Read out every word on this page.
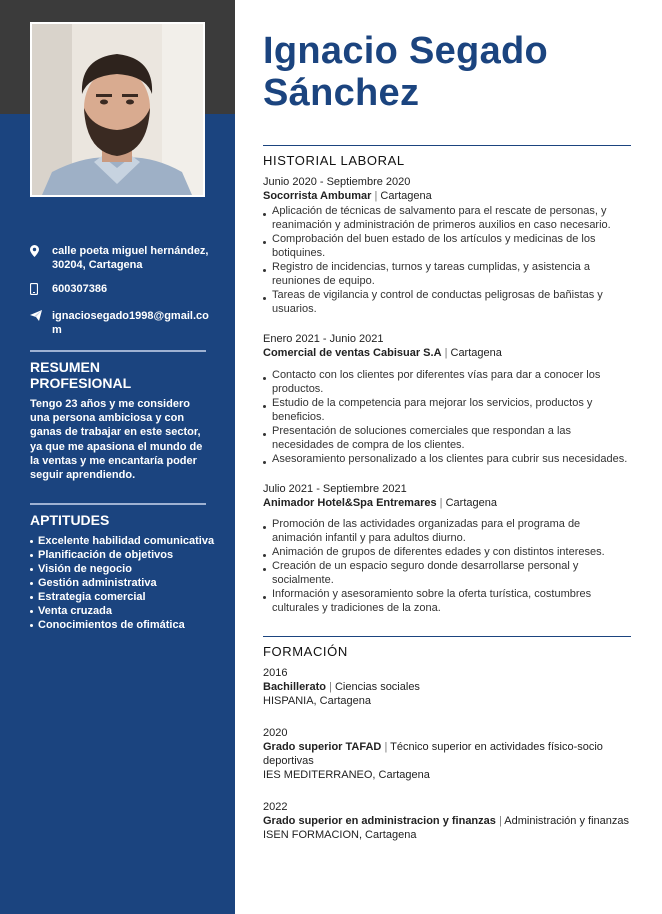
calle poeta miguel hernández, 30204, Cartagena
600307386
ignaciosegado1998@gmail.com
RESUMEN
PROFESIONAL
Tengo 23 años y me considero una persona ambiciosa y con ganas de trabajar en este sector, ya que me apasiona el mundo de la ventas y me encantaría poder seguir aprendiendo.
APTITUDES
Excelente habilidad comunicativa
Planificación de objetivos
Visión de negocio
Gestión administrativa
Estrategia comercial
Venta cruzada
Conocimientos de ofimática
Ignacio Segado
Sánchez
HISTORIAL LABORAL
Junio 2020 - Septiembre 2020
Socorrista Ambumar | Cartagena
Aplicación de técnicas de salvamento para el rescate de personas, y reanimación y administración de primeros auxilios en caso necesario.
Comprobación del buen estado de los artículos y medicinas de los botiquines.
Registro de incidencias, turnos y tareas cumplidas, y asistencia a reuniones de equipo.
Tareas de vigilancia y control de conductas peligrosas de bañistas y usuarios.
Enero 2021 - Junio 2021
Comercial de ventas Cabisuar S.A | Cartagena
Contacto con los clientes por diferentes vías para dar a conocer los productos.
Estudio de la competencia para mejorar los servicios, productos y beneficios.
Presentación de soluciones comerciales que respondan a las necesidades de compra de los clientes.
Asesoramiento personalizado a los clientes para cubrir sus necesidades.
Julio 2021 - Septiembre 2021
Animador Hotel&Spa Entremares | Cartagena
Promoción de las actividades organizadas para el programa de animación infantil y para adultos diurno.
Animación de grupos de diferentes edades y con distintos intereses.
Creación de un espacio seguro donde desarrollarse personal y socialmente.
Información y asesoramiento sobre la oferta turística, costumbres culturales y tradiciones de la zona.
FORMACIÓN
2016
Bachillerato | Ciencias sociales
HISPANIA, Cartagena
2020
Grado superior TAFAD | Técnico superior en actividades físico-socio deportivas
IES MEDITERRANEO, Cartagena
2022
Grado superior en administracion y finanzas | Administración y finanzas
ISEN FORMACION, Cartagena
